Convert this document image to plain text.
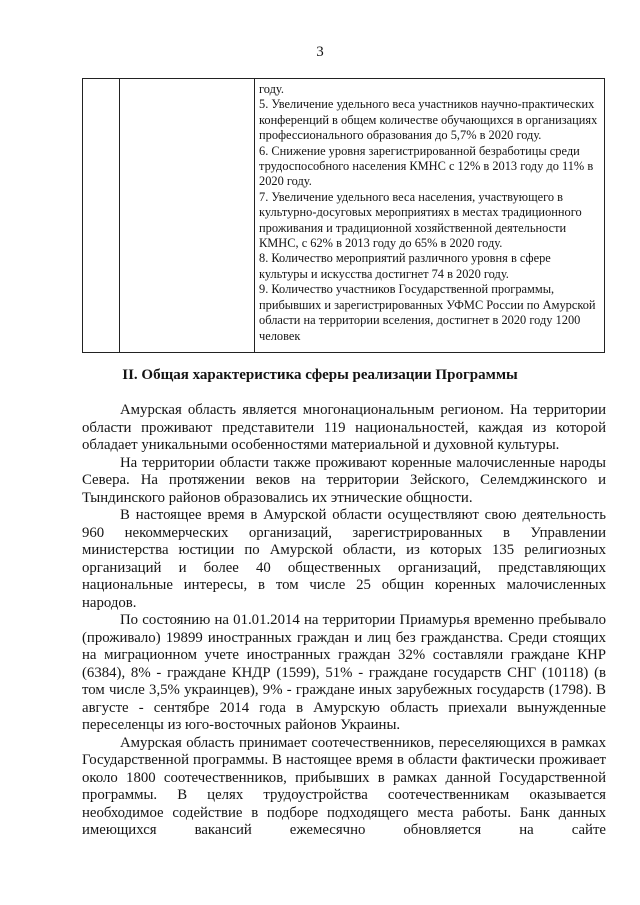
3

году.

5. Увеличение удельного веса участников научно-практических конференций в общем количестве обучающихся в организациях профессионального образования до 5,7% в 2020 году.

6. Снижение уровня зарегистрированной безработицы среди трудоспособного населения КМНС с 12% в 2013 году до 11% в 2020 году.

7. Увеличение удельного веса населения, участвующего в культурно-досуговых мероприятиях в местах традиционного проживания и традиционной хозяйственной деятельности КМНС, с 62% в 2013 году до 65% в 2020 году.

8. Количество мероприятий различного уровня в сфере культуры и искусства достигнет 74 в 2020 году.

9. Количество участников Государственной программы, прибывших и зарегистрированных УФМС России по Амурской области на территории вселения, достигнет в 2020 году 1200 человек

II. Общая характеристика сферы реализации Программы

Амурская область является многонациональным регионом. На территории области проживают представители 119 национальностей, каждая из которой обладает уникальными особенностями материальной и духовной культуры.

На территории области также проживают коренные малочисленные народы Севера. На протяжении веков на территории Зейского, Селемджинского и Тындинского районов образовались их этнические общности.

В настоящее время в Амурской области осуществляют свою деятельность 960 некоммерческих организаций, зарегистрированных в Управлении министерства юстиции по Амурской области, из которых 135 религиозных организаций и более 40 общественных организаций, представляющих национальные интересы, в том числе 25 общин коренных малочисленных народов.

По состоянию на 01.01.2014 на территории Приамурья временно пребывало (проживало) 19899 иностранных граждан и лиц без гражданства. Среди стоящих на миграционном учете иностранных граждан 32% составляли граждане КНР (6384), 8% - граждане КНДР (1599), 51% - граждане государств СНГ (10118) (в том числе 3,5% украинцев), 9% - граждане иных зарубежных государств (1798). В августе - сентябре 2014 года в Амурскую область приехали вынужденные переселенцы из юго-восточных районов Украины.

Амурская область принимает соотечественников, переселяющихся в рамках Государственной программы. В настоящее время в области фактически проживает около 1800 соотечественников, прибывших в рамках данной Государственной программы. В целях трудоустройства соотечественникам оказывается необходимое содействие в подборе подходящего места работы. Банк данных имеющихся вакансий ежемесячно обновляется на сайте
